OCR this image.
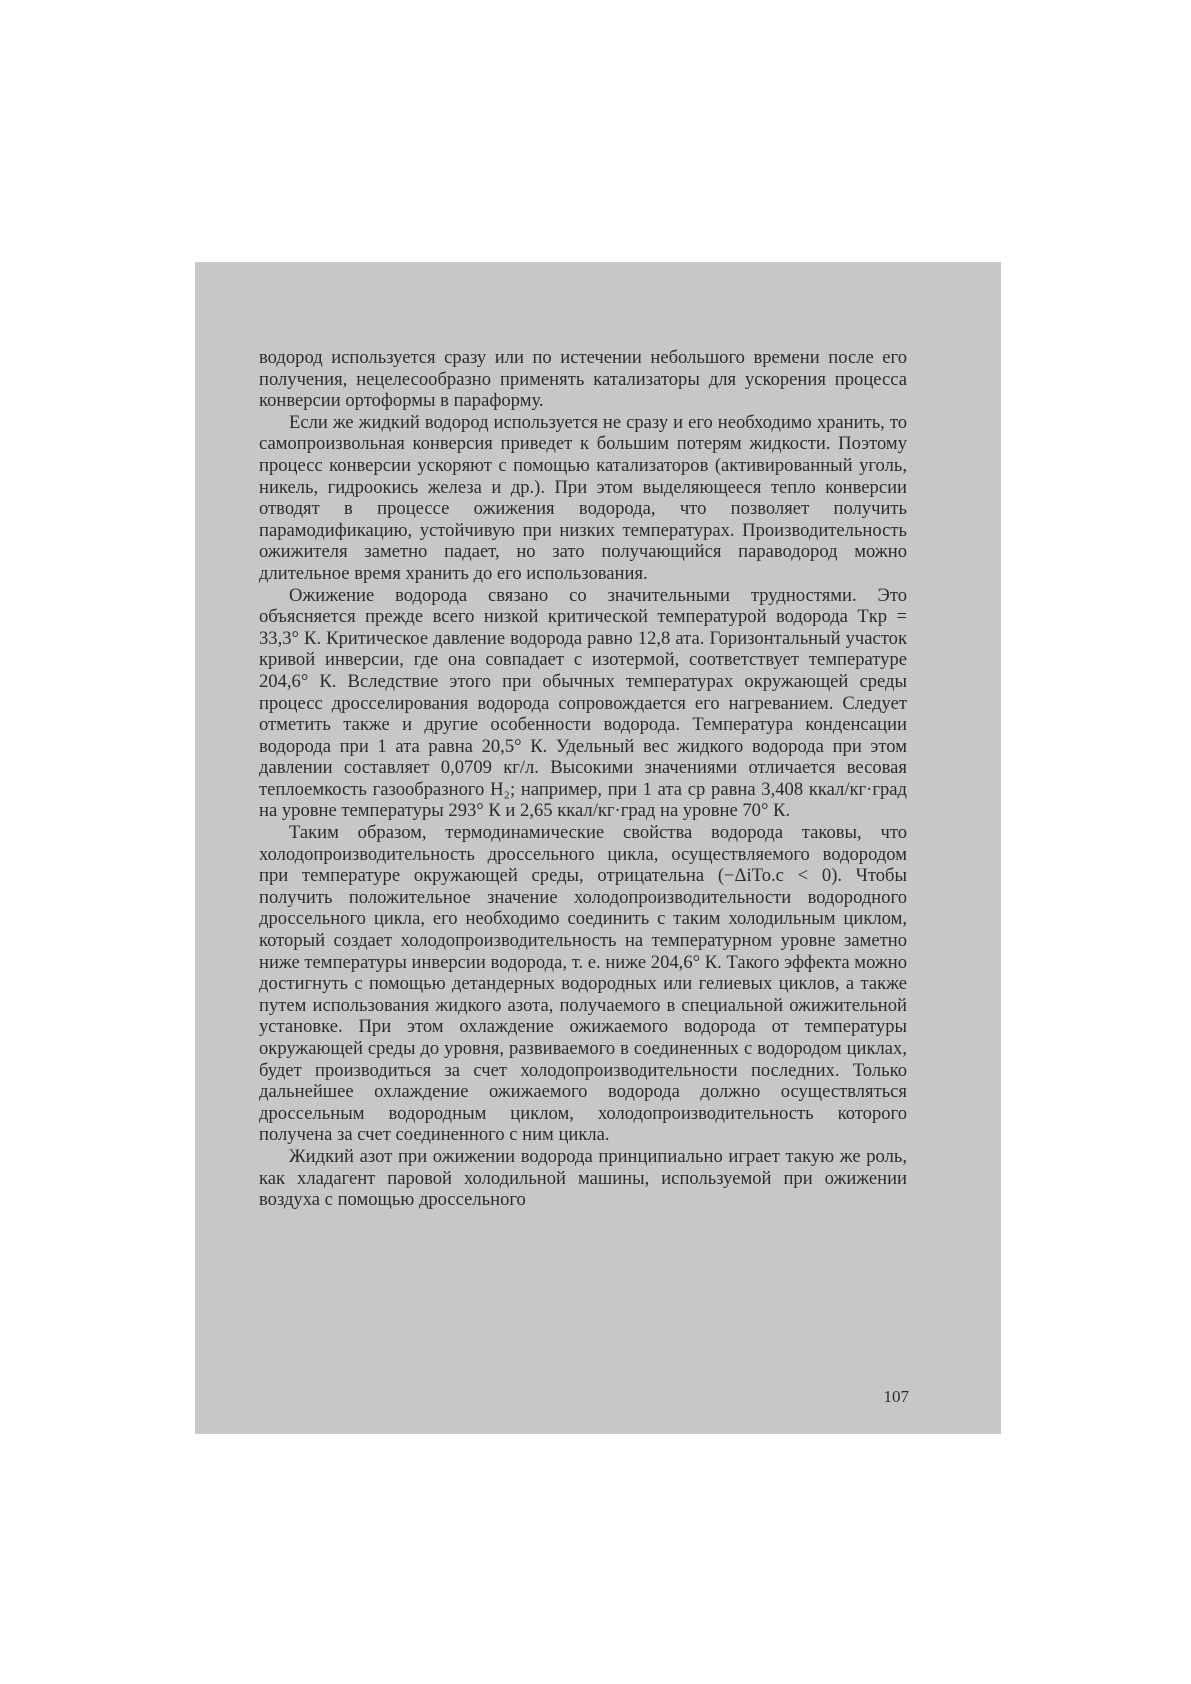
водород используется сразу или по истечении небольшого времени после его получения, нецелесообразно применять катализаторы для ускорения процесса конверсии ортоформы в параформу.

Если же жидкий водород используется не сразу и его необходимо хранить, то самопроизвольная конверсия приведет к большим потерям жидкости. Поэтому процесс конверсии ускоряют с помощью катализаторов (активированный уголь, никель, гидроокись железа и др.). При этом выделяющееся тепло конверсии отводят в процессе ожижения водорода, что позволяет получить парамодификацию, устойчивую при низких температурах. Производительность ожижителя заметно падает, но зато получающийся параводород можно длительное время хранить до его использования.

Ожижение водорода связано со значительными трудностями. Это объясняется прежде всего низкой критической температурой водорода Tкр = 33,3° К. Критическое давление водорода равно 12,8 ата. Горизонтальный участок кривой инверсии, где она совпадает с изотермой, соответствует температуре 204,6° К. Вследствие этого при обычных температурах окружающей среды процесс дросселирования водорода сопровождается его нагреванием. Следует отметить также и другие особенности водорода. Температура конденсации водорода при 1 ата равна 20,5° К. Удельный вес жидкого водорода при этом давлении составляет 0,0709 кг/л. Высокими значениями отличается весовая теплоемкость газообразного H₂; например, при 1 ата cp равна 3,408 ккал/кг·град на уровне температуры 293° К и 2,65 ккал/кг·град на уровне 70° К.

Таким образом, термодинамические свойства водорода таковы, что холодопроизводительность дроссельного цикла, осуществляемого водородом при температуре окружающей среды, отрицательна (−ΔiTo.c < 0). Чтобы получить положительное значение холодопроизводительности водородного дроссельного цикла, его необходимо соединить с таким холодильным циклом, который создает холодопроизводительность на температурном уровне заметно ниже температуры инверсии водорода, т. е. ниже 204,6° К. Такого эффекта можно достигнуть с помощью детандерных водородных или гелиевых циклов, а также путем использования жидкого азота, получаемого в специальной ожижительной установке. При этом охлаждение ожижаемого водорода от температуры окружающей среды до уровня, развиваемого в соединенных с водородом циклах, будет производиться за счет холодопроизводительности последних. Только дальнейшее охлаждение ожижаемого водорода должно осуществляться дроссельным водородным циклом, холодопроизводительность которого получена за счет соединенного с ним цикла.

Жидкий азот при ожижении водорода принципиально играет такую же роль, как хладагент паровой холодильной машины, используемой при ожижении воздуха с помощью дроссельного

107
